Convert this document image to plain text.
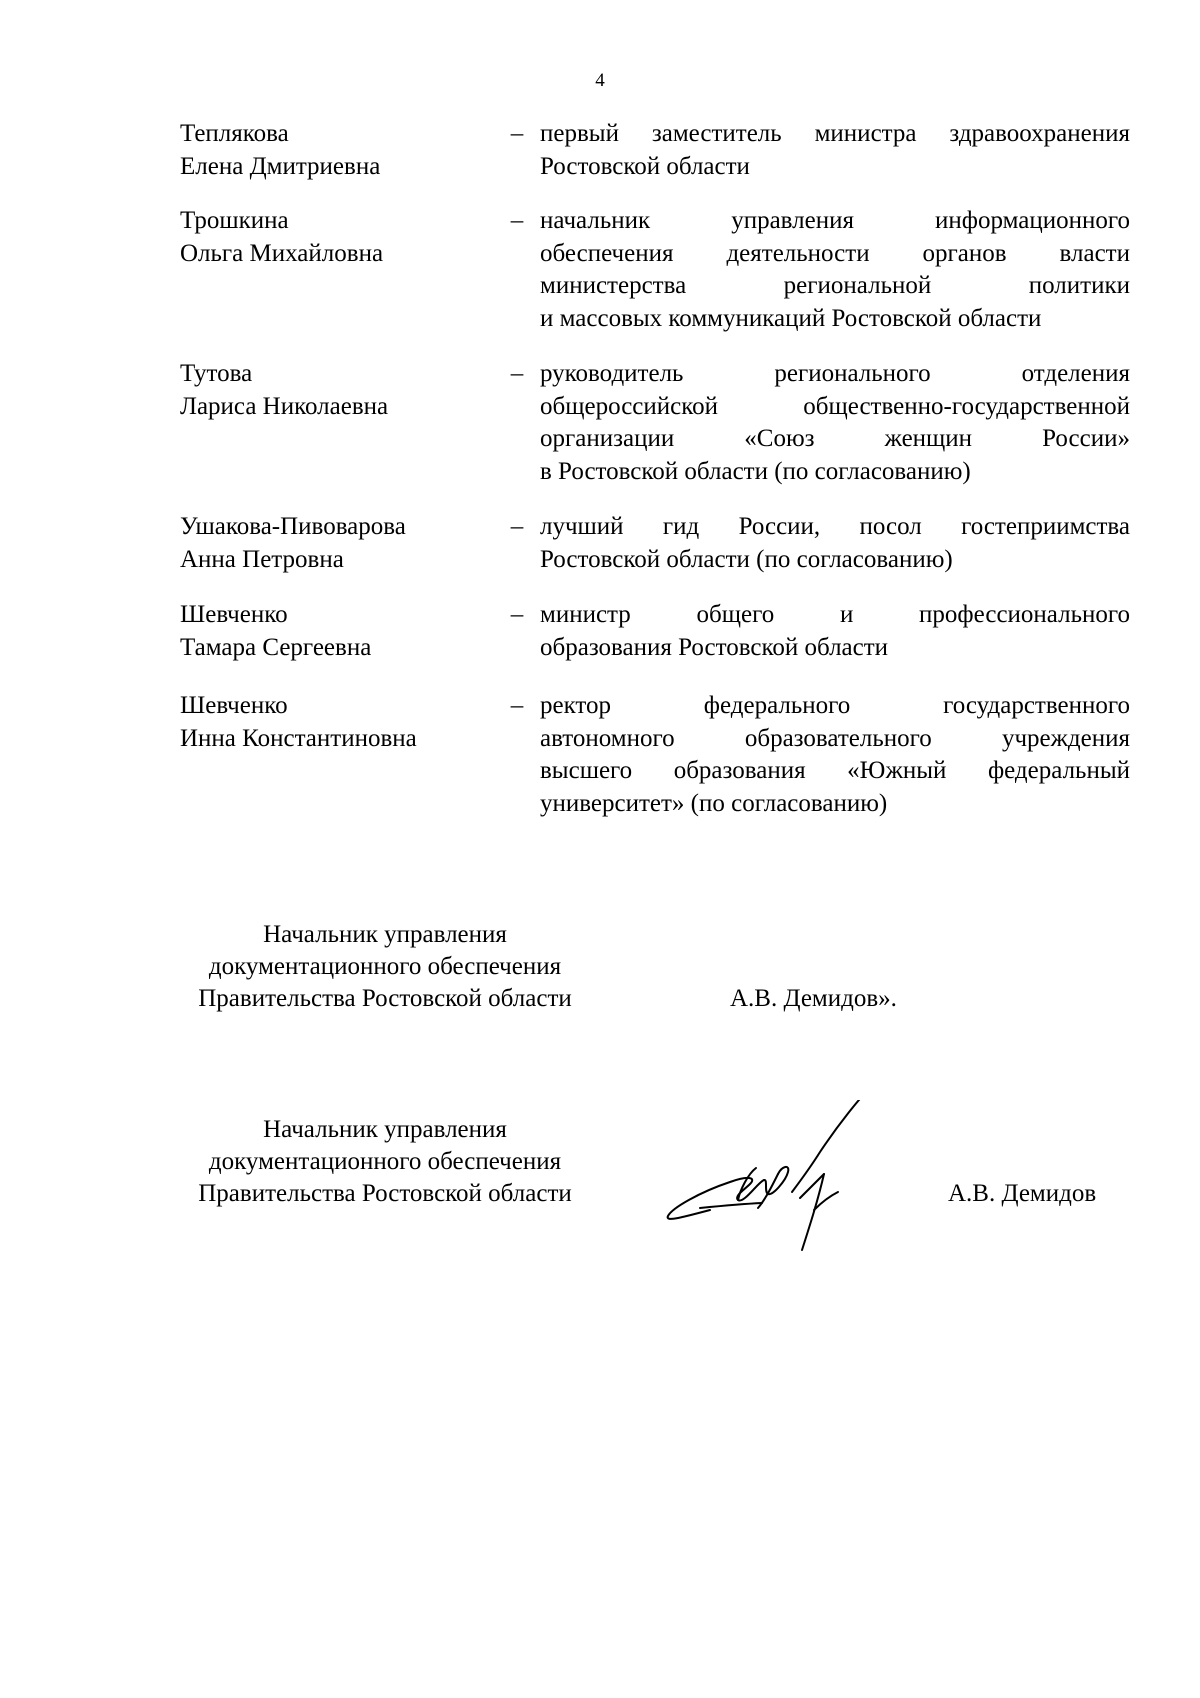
4
Теплякова
Елена Дмитриевна
– первый заместитель министра здравоохранения
Ростовской области
Трошкина
Ольга Михайловна
– начальник управления информационного
обеспечения деятельности органов власти
министерства региональной политики
и массовых коммуникаций Ростовской области
Тутова
Лариса Николаевна
– руководитель регионального отделения
общероссийской общественно-государственной
организации «Союз женщин России»
в Ростовской области (по согласованию)
Ушакова-Пивоварова
Анна Петровна
– лучший гид России, посол гостеприимства
Ростовской области (по согласованию)
Шевченко
Тамара Сергеевна
– министр общего и профессионального
образования Ростовской области
Шевченко
Инна Константиновна
– ректор федерального государственного
автономного образовательного учреждения
высшего образования «Южный федеральный
университет» (по согласованию)
Начальник управления
документационного обеспечения
Правительства Ростовской области	А.В. Демидов».
Начальник управления
документационного обеспечения
Правительства Ростовской области	А.В. Демидов
